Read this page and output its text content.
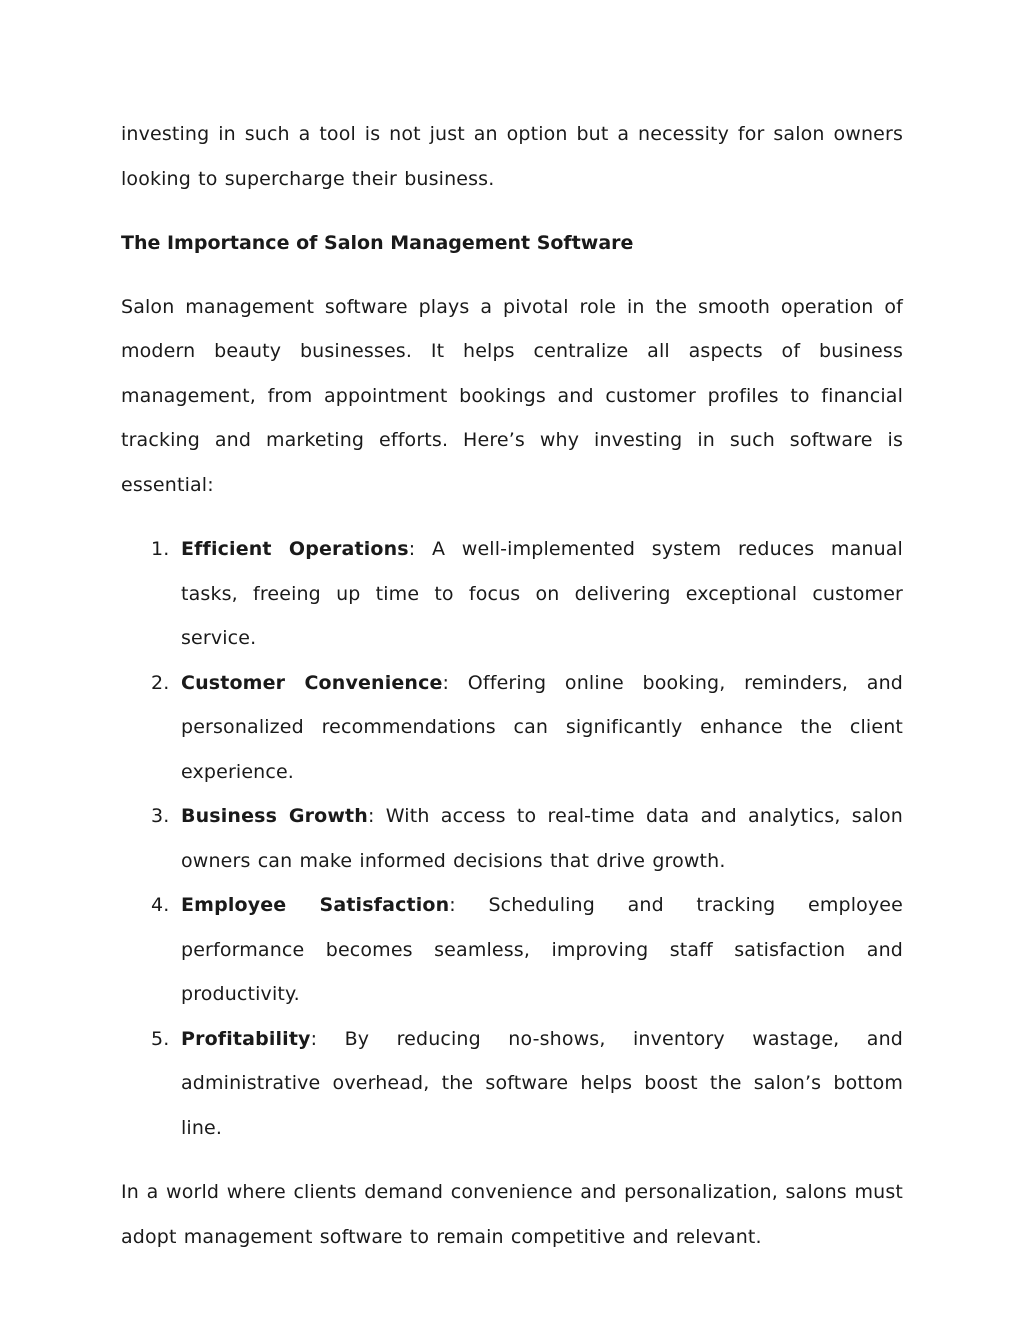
investing in such a tool is not just an option but a necessity for salon owners looking to supercharge their business.

The Importance of Salon Management Software

Salon management software plays a pivotal role in the smooth operation of modern beauty businesses. It helps centralize all aspects of business management, from appointment bookings and customer profiles to financial tracking and marketing efforts. Here’s why investing in such software is essential:

1. Efficient Operations: A well-implemented system reduces manual tasks, freeing up time to focus on delivering exceptional customer service.
2. Customer Convenience: Offering online booking, reminders, and personalized recommendations can significantly enhance the client experience.
3. Business Growth: With access to real-time data and analytics, salon owners can make informed decisions that drive growth.
4. Employee Satisfaction: Scheduling and tracking employee performance becomes seamless, improving staff satisfaction and productivity.
5. Profitability: By reducing no-shows, inventory wastage, and administrative overhead, the software helps boost the salon’s bottom line.

In a world where clients demand convenience and personalization, salons must adopt management software to remain competitive and relevant.
